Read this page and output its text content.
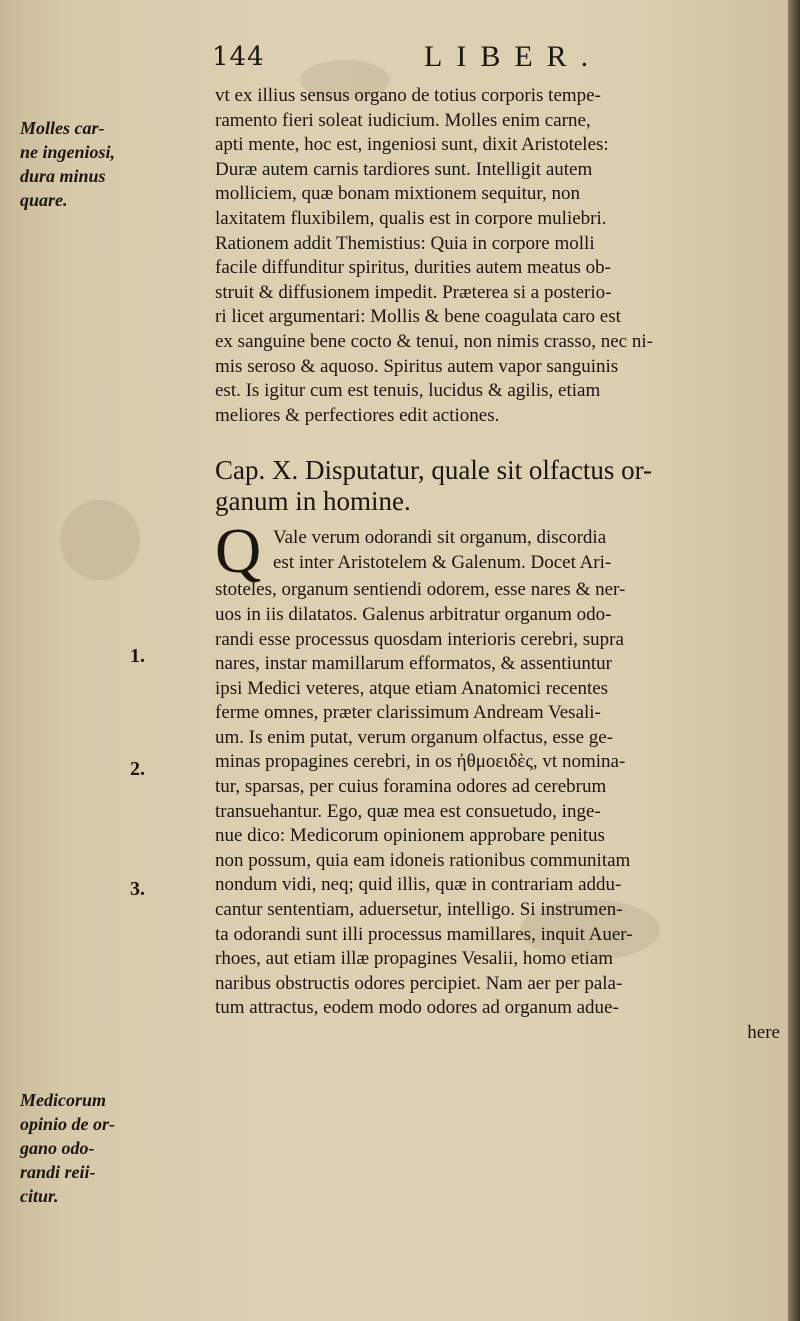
144	LIBER.
Molles car-
ne ingeniosi,
dura minus
quare.
Medicorum
opinio de or-
gano odo-
randi reii-
citur.
1.
2.
3.
vt ex illius sensus organo de totius corporis tempe-
ramento fieri soleat iudicium. Molles enim carne,
apti mente, hoc est, ingeniosi sunt, dixit Aristoteles:
Duræ autem carnis tardiores sunt. Intelligit autem
molliciem, quæ bonam mixtionem sequitur, non
laxitatem fluxibilem, qualis est in corpore muliebri.
Rationem addit Themistius: Quia in corpore molli
facile diffunditur spiritus, durities autem meatus ob-
struit & diffusionem impedit. Præterea si a posterio-
ri licet argumentari: Mollis & bene coagulata caro est
ex sanguine bene cocto & tenui, non nimis crasso, nec ni-
mis seroso & aquoso. Spiritus autem vapor sanguinis
est. Is igitur cum est tenuis, lucidus & agilis, etiam
meliores & perfectiores edit actiones.
Cap. X. Disputatur, quale sit olfactus or-
ganum in homine.
Q Vale verum odorandi sit organum, discordia
est inter Aristotelem & Galenum. Docet Ari-
stoteles, organum sentiendi odorem, esse nares & ner-
uos in iis dilatatos. Galenus arbitratur organum odo-
randi esse processus quosdam interioris cerebri, supra
nares, instar mamillarum efformatos, & assentiuntur
ipsi Medici veteres, atque etiam Anatomici recentes
ferme omnes, præter clarissimum Andream Vesali-
um. Is enim putat, verum organum olfactus, esse ge-
minas propagines cerebri, in os ἠθμοειδὲς, vt nomina-
tur, sparsas, per cuius foramina odores ad cerebrum
transuehantur. Ego, quæ mea est consuetudo, inge-
nue dico: Medicorum opinionem approbare penitus
non possum, quia eam idoneis rationibus communitam
nondum vidi, neq; quid illis, quæ in contrariam addu-
cantur sententiam, aduersetur, intelligo. Si instrumen-
ta odorandi sunt illi processus mamillares, inquit Auer-
rhoes, aut etiam illæ propagines Vesalii, homo etiam
naribus obstructis odores percipiet. Nam aer per pala-
tum attractus, eodem modo odores ad organum adue-
here
